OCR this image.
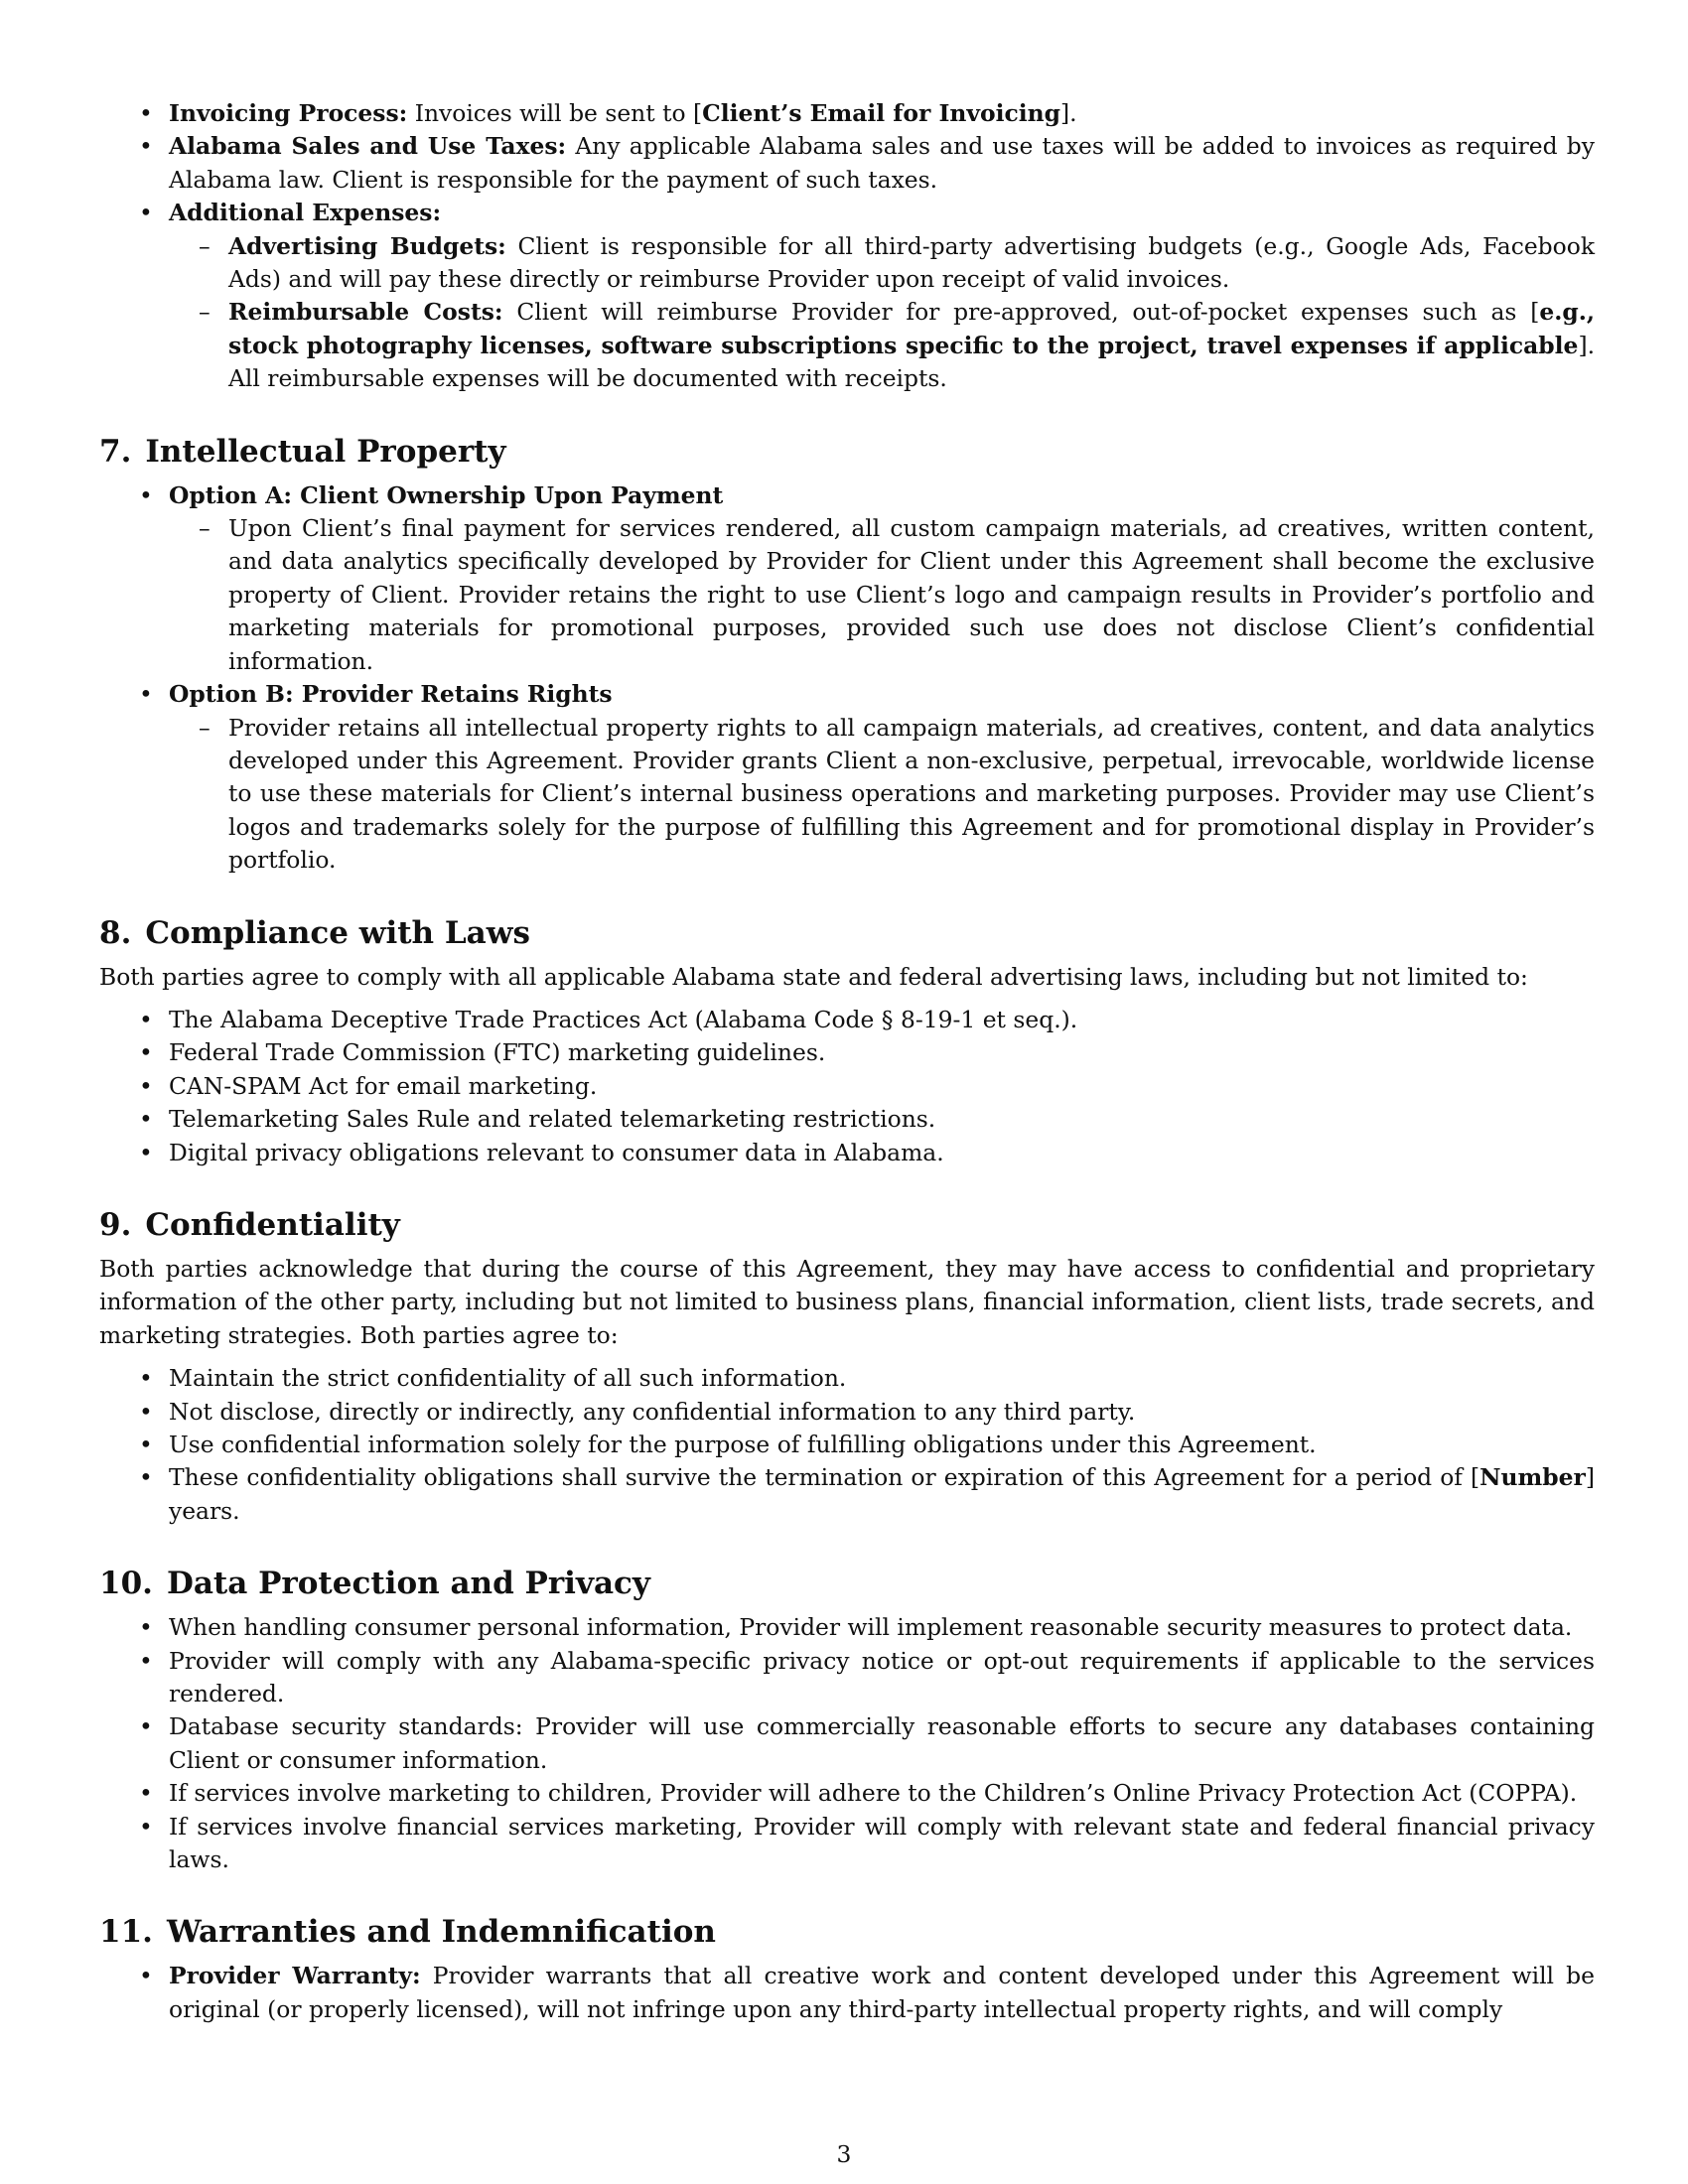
• Invoicing Process: Invoices will be sent to [Client’s Email for Invoicing].
• Alabama Sales and Use Taxes: Any applicable Alabama sales and use taxes will be added to invoices as required by Alabama law. Client is responsible for the payment of such taxes.
• Additional Expenses:
– Advertising Budgets: Client is responsible for all third-party advertising budgets (e.g., Google Ads, Facebook Ads) and will pay these directly or reimburse Provider upon receipt of valid invoices.
– Reimbursable Costs: Client will reimburse Provider for pre-approved, out-of-pocket expenses such as [e.g., stock photography licenses, software subscriptions specific to the project, travel expenses if applicable]. All reimbursable expenses will be documented with receipts.
7. Intellectual Property
• Option A: Client Ownership Upon Payment
– Upon Client’s final payment for services rendered, all custom campaign materials, ad creatives, written content, and data analytics specifically developed by Provider for Client under this Agreement shall become the exclusive property of Client. Provider retains the right to use Client’s logo and campaign results in Provider’s portfolio and marketing materials for promotional purposes, provided such use does not disclose Client’s confidential information.
• Option B: Provider Retains Rights
– Provider retains all intellectual property rights to all campaign materials, ad creatives, content, and data analytics developed under this Agreement. Provider grants Client a non-exclusive, perpetual, irrevocable, worldwide license to use these materials for Client’s internal business operations and marketing purposes. Provider may use Client’s logos and trademarks solely for the purpose of fulfilling this Agreement and for promotional display in Provider’s portfolio.
8. Compliance with Laws

Both parties agree to comply with all applicable Alabama state and federal advertising laws, including but not limited to:

• The Alabama Deceptive Trade Practices Act (Alabama Code § 8-19-1 et seq.).
• Federal Trade Commission (FTC) marketing guidelines.
• CAN-SPAM Act for email marketing.
• Telemarketing Sales Rule and related telemarketing restrictions.
• Digital privacy obligations relevant to consumer data in Alabama.
9. Confidentiality

Both parties acknowledge that during the course of this Agreement, they may have access to confidential and proprietary information of the other party, including but not limited to business plans, financial information, client lists, trade secrets, and marketing strategies. Both parties agree to:

• Maintain the strict confidentiality of all such information.
• Not disclose, directly or indirectly, any confidential information to any third party.
• Use confidential information solely for the purpose of fulfilling obligations under this Agreement.
• These confidentiality obligations shall survive the termination or expiration of this Agreement for a period of [Number] years.
10. Data Protection and Privacy
• When handling consumer personal information, Provider will implement reasonable security measures to protect data.
• Provider will comply with any Alabama-specific privacy notice or opt-out requirements if applicable to the services rendered.
• Database security standards: Provider will use commercially reasonable efforts to secure any databases containing Client or consumer information.
• If services involve marketing to children, Provider will adhere to the Children’s Online Privacy Protection Act (COPPA).
• If services involve financial services marketing, Provider will comply with relevant state and federal financial privacy laws.
11. Warranties and Indemnification
• Provider Warranty: Provider warrants that all creative work and content developed under this Agreement will be original (or properly licensed), will not infringe upon any third-party intellectual property rights, and will comply
3
